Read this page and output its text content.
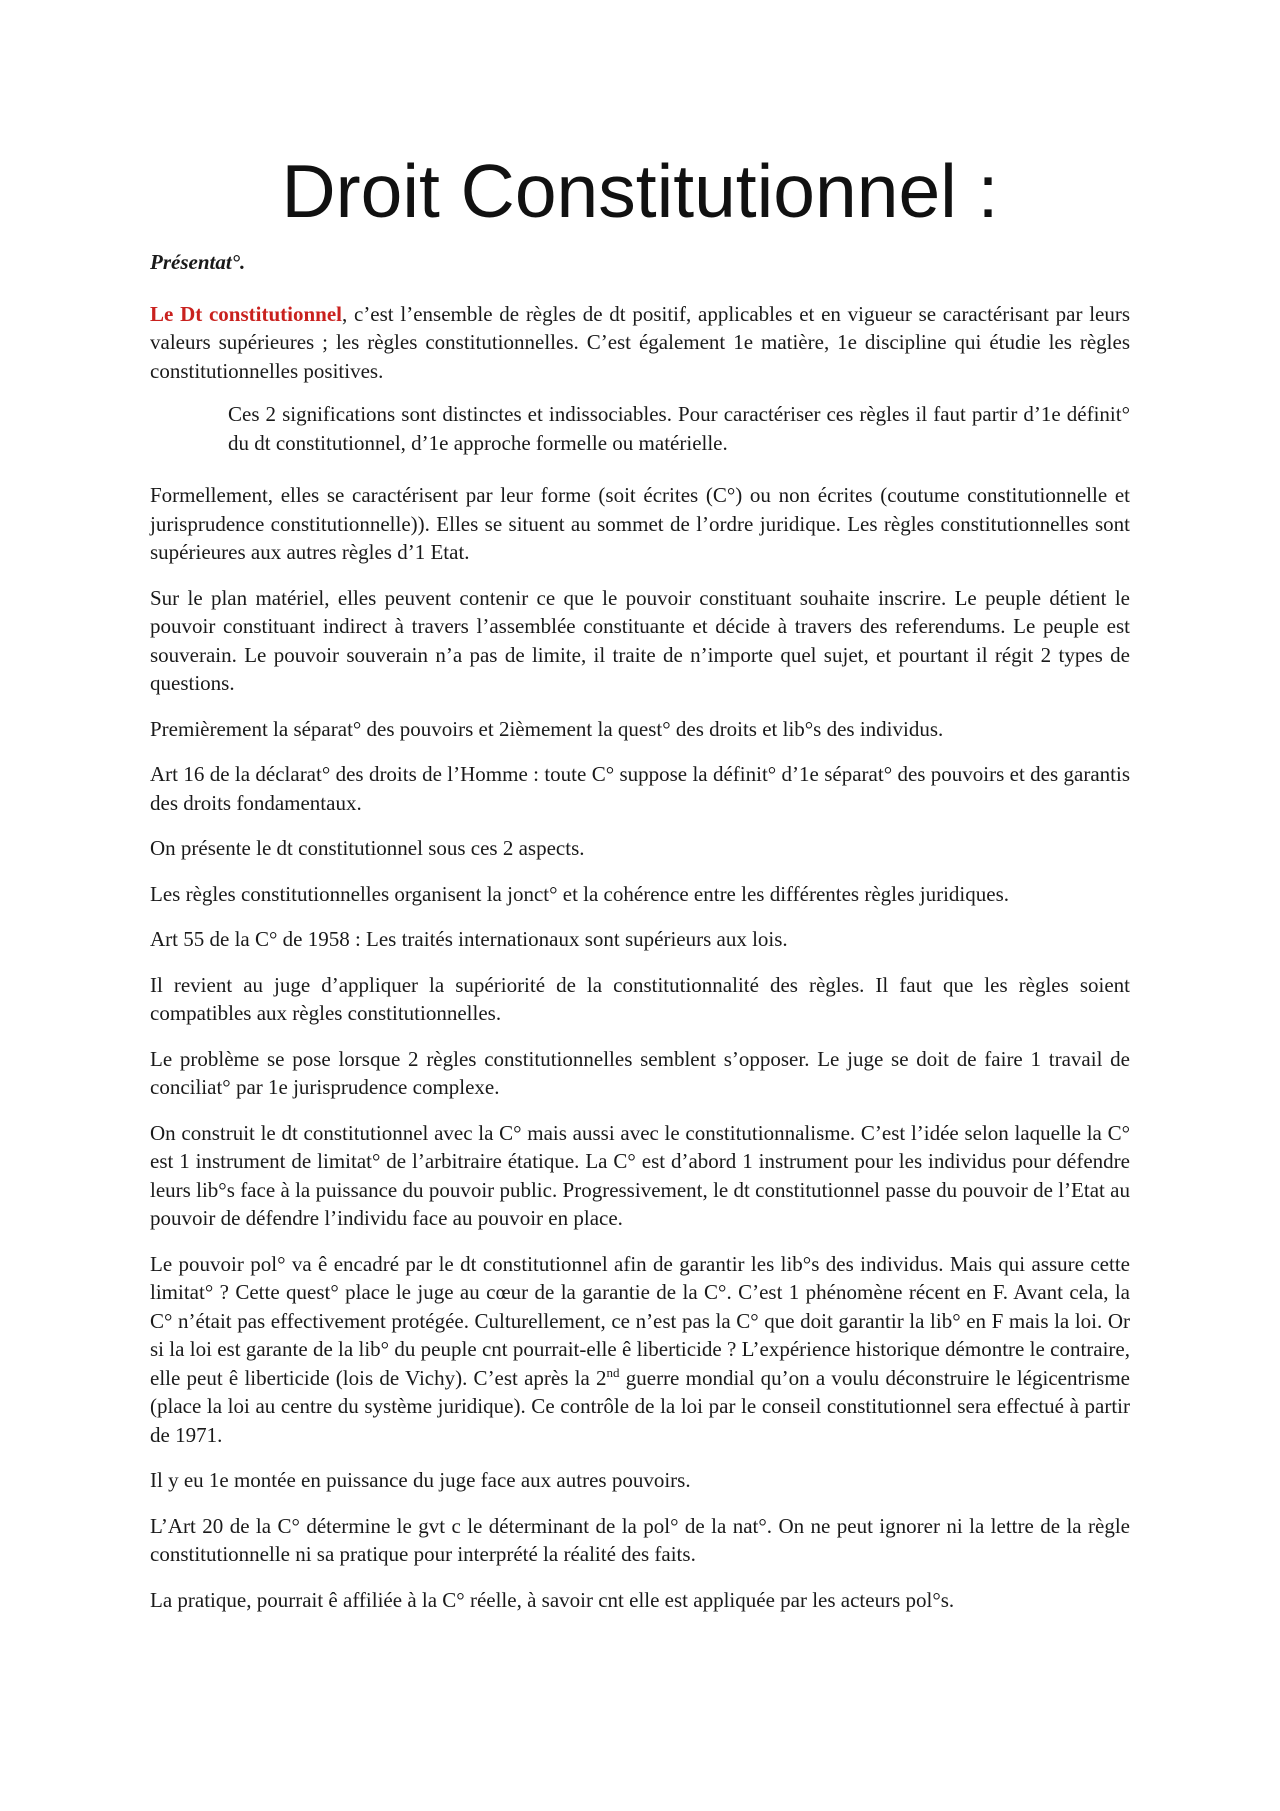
Droit Constitutionnel :
Présentat°.

Le Dt constitutionnel, c’est l’ensemble de règles de dt positif, applicables et en vigueur se caractérisant par leurs valeurs supérieures ; les règles constitutionnelles. C’est également 1e matière, 1e discipline qui étudie les règles constitutionnelles positives.

Ces 2 significations sont distinctes et indissociables. Pour caractériser ces règles il faut partir d’1e définit° du dt constitutionnel, d’1e approche formelle ou matérielle.

Formellement, elles se caractérisent par leur forme (soit écrites (C°) ou non écrites (coutume constitutionnelle et jurisprudence constitutionnelle)). Elles se situent au sommet de l’ordre juridique. Les règles constitutionnelles sont supérieures aux autres règles d’1 Etat.

Sur le plan matériel, elles peuvent contenir ce que le pouvoir constituant souhaite inscrire. Le peuple détient le pouvoir constituant indirect à travers l’assemblée constituante et décide à travers des referendums. Le peuple est souverain. Le pouvoir souverain n’a pas de limite, il traite de n’importe quel sujet, et pourtant il régit 2 types de questions.

Premièrement la séparat° des pouvoirs et 2ièmement la quest° des droits et lib°s des individus.

Art 16 de la déclarat° des droits de l’Homme : toute C° suppose la définit° d’1e séparat° des pouvoirs et des garantis des droits fondamentaux.

On présente le dt constitutionnel sous ces 2 aspects.

Les règles constitutionnelles organisent la jonct° et la cohérence entre les différentes règles juridiques.

Art 55 de la C° de 1958 : Les traités internationaux sont supérieurs aux lois.

Il revient au juge d’appliquer la supériorité de la constitutionnalité des règles. Il faut que les règles soient compatibles aux règles constitutionnelles.

Le problème se pose lorsque 2 règles constitutionnelles semblent s’opposer. Le juge se doit de faire 1 travail de conciliat° par 1e jurisprudence complexe.

On construit le dt constitutionnel avec la C° mais aussi avec le constitutionnalisme. C’est l’idée selon laquelle la C° est 1 instrument de limitat° de l’arbitraire étatique. La C° est d’abord 1 instrument pour les individus pour défendre leurs lib°s face à la puissance du pouvoir public. Progressivement, le dt constitutionnel passe du pouvoir de l’Etat au pouvoir de défendre l’individu face au pouvoir en place.

Le pouvoir pol° va ê encadré par le dt constitutionnel afin de garantir les lib°s des individus. Mais qui assure cette limitat° ? Cette quest° place le juge au cœur de la garantie de la C°. C’est 1 phénomène récent en F. Avant cela, la C° n’était pas effectivement protégée. Culturellement, ce n’est pas la C° que doit garantir la lib° en F mais la loi. Or si la loi est garante de la lib° du peuple cnt pourrait-elle ê liberticide ? L’expérience historique démontre le contraire, elle peut ê liberticide (lois de Vichy). C’est après la 2nd guerre mondial qu’on a voulu déconstruire le légicentrisme (place la loi au centre du système juridique). Ce contrôle de la loi par le conseil constitutionnel sera effectué à partir de 1971.

Il y eu 1e montée en puissance du juge face aux autres pouvoirs.

L’Art 20 de la C° détermine le gvt c le déterminant de la pol° de la nat°. On ne peut ignorer ni la lettre de la règle constitutionnelle ni sa pratique pour interprété la réalité des faits.

La pratique, pourrait ê affiliée à la C° réelle, à savoir cnt elle est appliquée par les acteurs pol°s.
